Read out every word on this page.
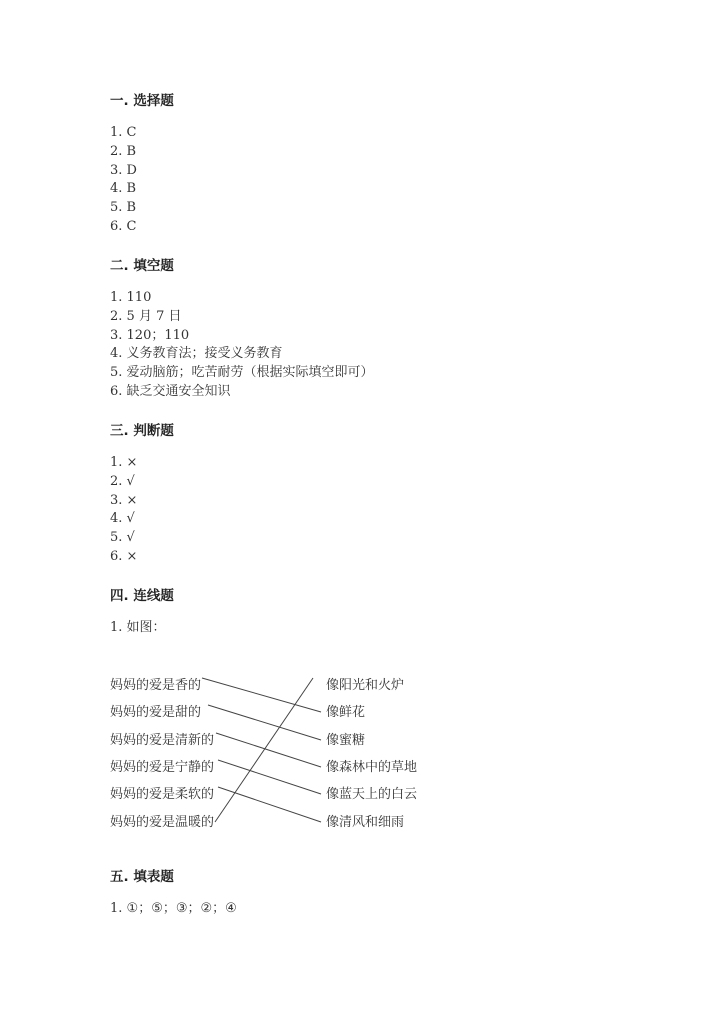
一. 选择题
1. C
2. B
3. D
4. B
5. B
6. C
二. 填空题
1. 110
2. 5 月 7 日
3. 120；110
4. 义务教育法；接受义务教育
5. 爱动脑筋；吃苦耐劳（根据实际填空即可）
6. 缺乏交通安全知识
三. 判断题
1. ×
2. √
3. ×
4. √
5. √
6. ×
四. 连线题
1. 如图：
五. 填表题
1. ①；⑤；③；②；④
妈妈的爱是香的
妈妈的爱是甜的
妈妈的爱是清新的
妈妈的爱是宁静的
妈妈的爱是柔软的
妈妈的爱是温暖的
像阳光和火炉
像鲜花
像蜜糖
像森林中的草地
像蓝天上的白云
像清风和细雨
